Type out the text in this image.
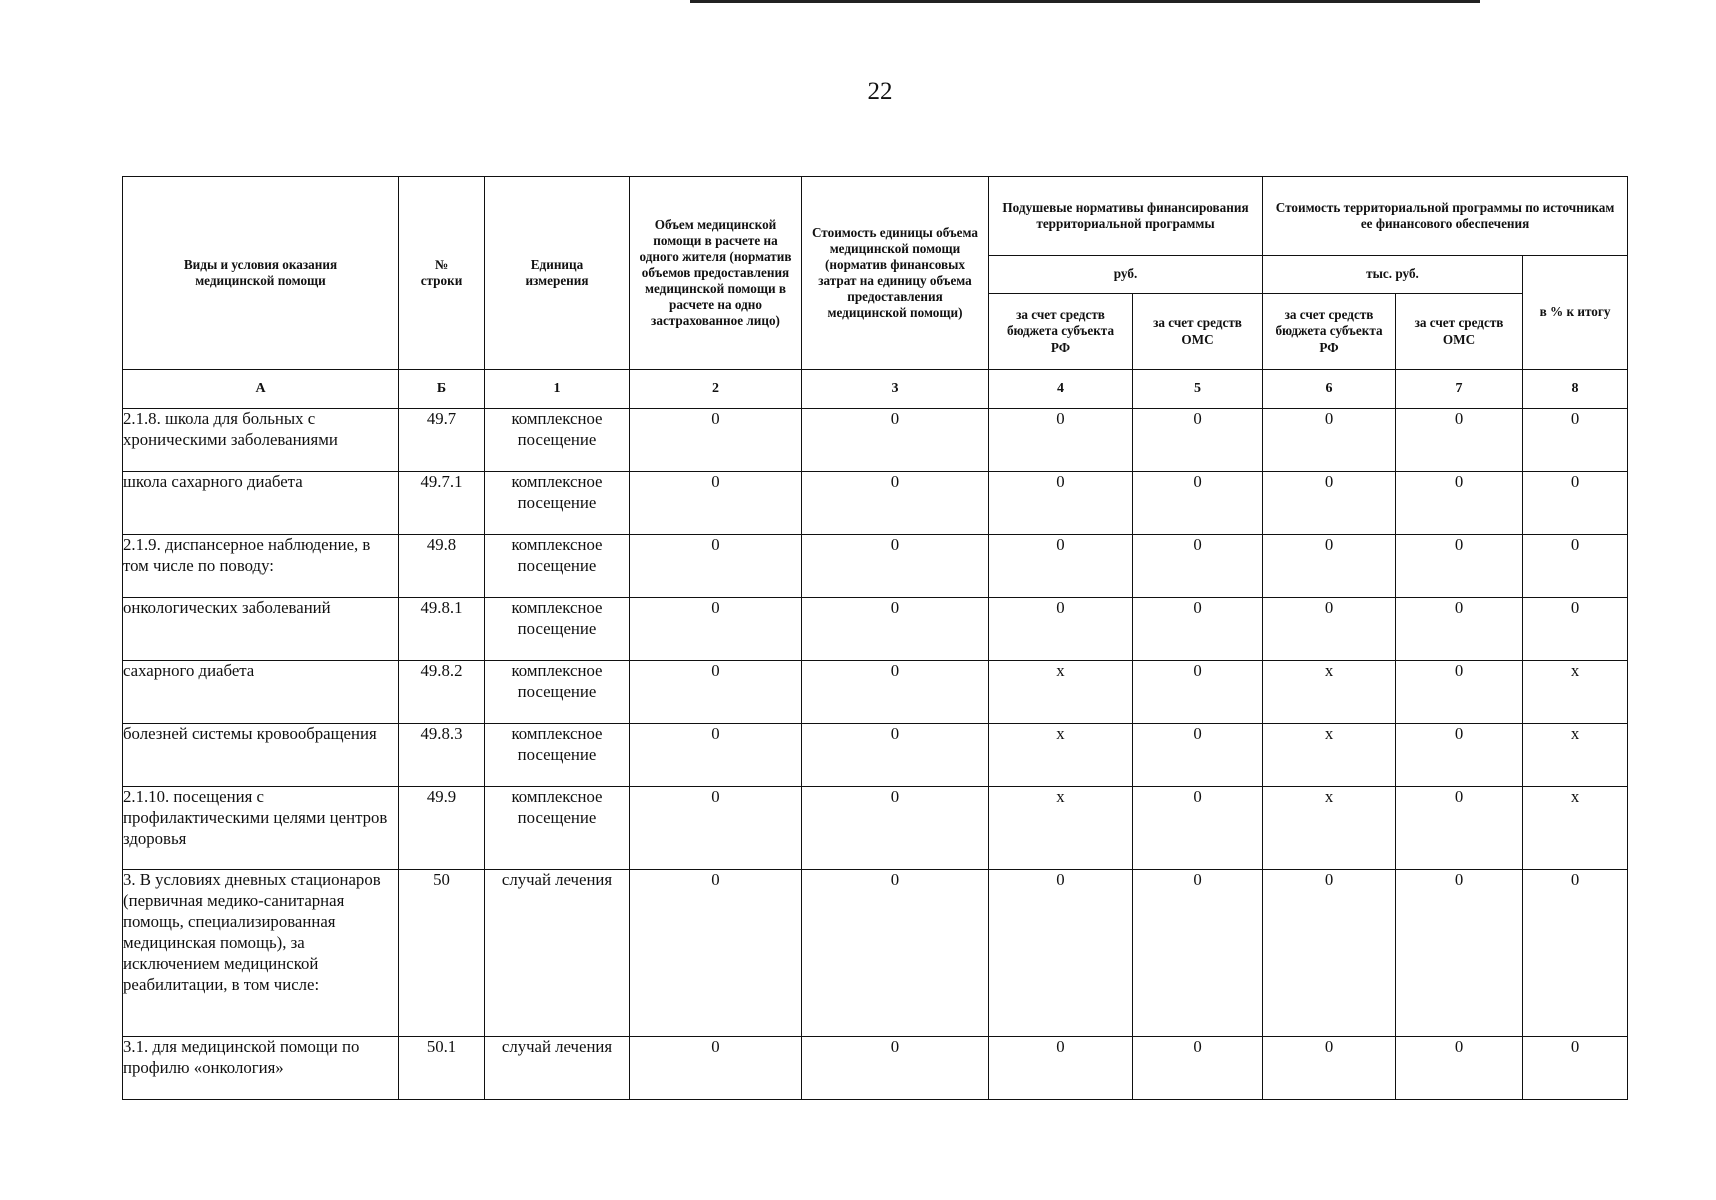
22
Виды и условия оказания медицинской помощи	№ строки	Единица измерения	Объем медицинской помощи в расчете на одного жителя (норматив объемов предоставления медицинской помощи в расчете на одно застрахованное лицо)	Стоимость единицы объема медицинской помощи (норматив финансовых затрат на единицу объема предоставления медицинской помощи)	Подушевые нормативы финансирования территориальной программы		Стоимость территориальной программы по источникам ее финансового обеспечения		
					руб.		тыс. руб.		в % к итогу
					за счет средств бюджета субъекта РФ	за счет средств ОМС	за счет средств бюджета субъекта РФ	за счет средств ОМС	
А	Б	1	2	3	4	5	6	7	8
2.1.8. школа для больных с хроническими заболеваниями	49.7	комплексное посещение	0	0	0	0	0	0	0
школа сахарного диабета	49.7.1	комплексное посещение	0	0	0	0	0	0	0
2.1.9. диспансерное наблюдение, в том числе по поводу:	49.8	комплексное посещение	0	0	0	0	0	0	0
онкологических заболеваний	49.8.1	комплексное посещение	0	0	0	0	0	0	0
сахарного диабета	49.8.2	комплексное посещение	0	0	x	0	x	0	x
болезней системы кровообращения	49.8.3	комплексное посещение	0	0	x	0	x	0	x
2.1.10. посещения с профилактическими целями центров здоровья	49.9	комплексное посещение	0	0	x	0	x	0	x
3. В условиях дневных стационаров (первичная медико-санитарная помощь, специализированная медицинская помощь), за исключением медицинской реабилитации, в том числе:	50	случай лечения	0	0	0	0	0	0	0
3.1. для медицинской помощи по профилю «онкология»	50.1	случай лечения	0	0	0	0	0	0	0
